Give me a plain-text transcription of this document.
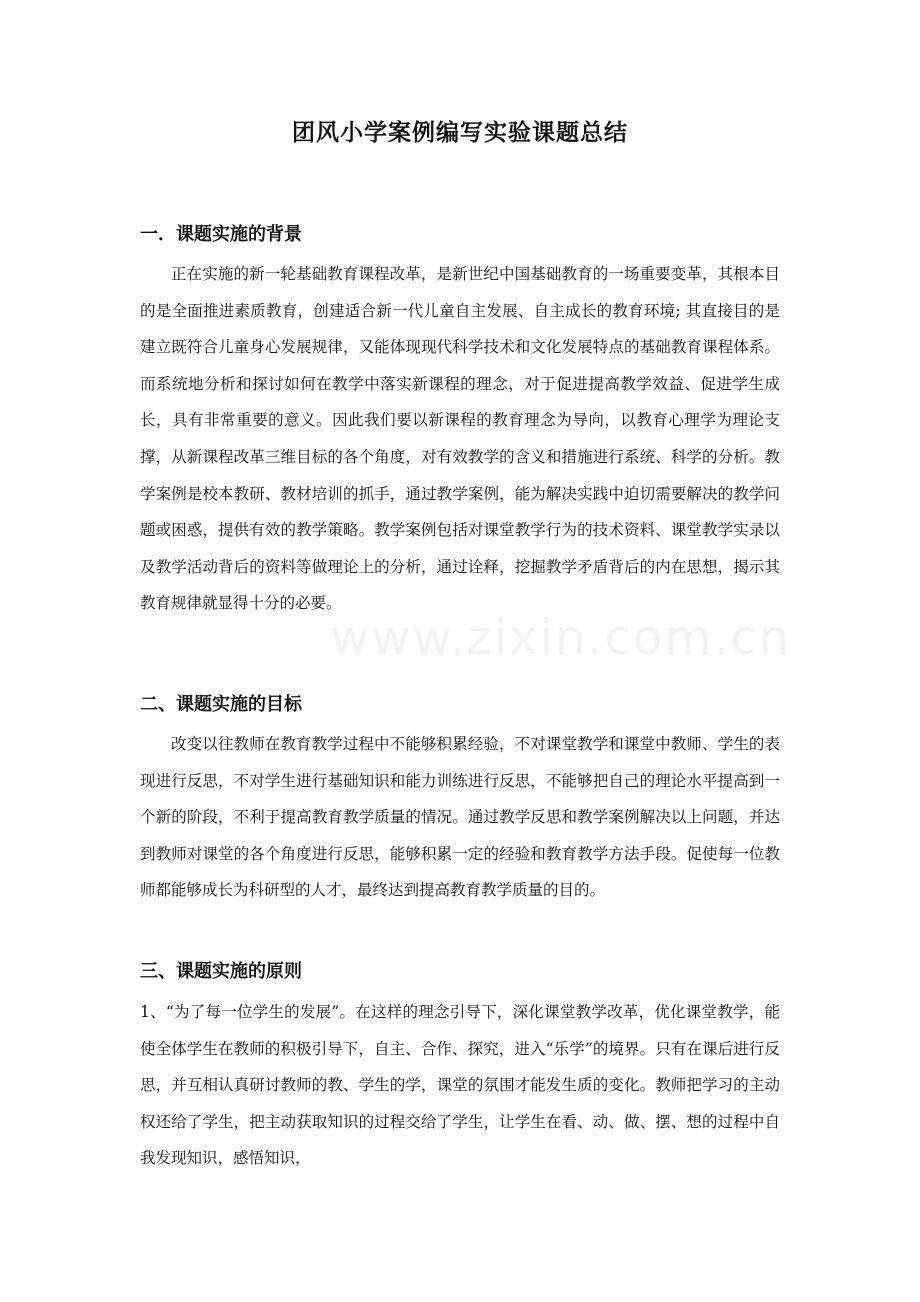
www.zixin.com.cn
团风小学案例编写实验课题总结
一．课题实施的背景
正在实施的新一轮基础教育课程改革，是新世纪中国基础教育的一场重要变革，其根本目的是全面推进素质教育，创建适合新一代儿童自主发展、自主成长的教育环境; 其直接目的是建立既符合儿童身心发展规律，又能体现现代科学技术和文化发展特点的基础教育课程体系。而系统地分析和探讨如何在教学中落实新课程的理念，对于促进提高教学效益、促进学生成长，具有非常重要的意义。因此我们要以新课程的教育理念为导向，以教育心理学为理论支撑，从新课程改革三维目标的各个角度，对有效教学的含义和措施进行系统、科学的分析。教学案例是校本教研、教材培训的抓手，通过教学案例，能为解决实践中迫切需要解决的教学问题或困惑，提供有效的教学策略。教学案例包括对课堂教学行为的技术资料、课堂教学实录以及教学活动背后的资料等做理论上的分析，通过诠释，挖掘教学矛盾背后的内在思想，揭示其教育规律就显得十分的必要。
二、课题实施的目标
改变以往教师在教育教学过程中不能够积累经验，不对课堂教学和课堂中教师、学生的表现进行反思，不对学生进行基础知识和能力训练进行反思，不能够把自己的理论水平提高到一个新的阶段，不利于提高教育教学质量的情况。通过教学反思和教学案例解决以上问题，并达到教师对课堂的各个角度进行反思，能够积累一定的经验和教育教学方法手段。促使每一位教师都能够成长为科研型的人才，最终达到提高教育教学质量的目的。
三、课题实施的原则
1、“为了每一位学生的发展”。在这样的理念引导下，深化课堂教学改革，优化课堂教学，能使全体学生在教师的积极引导下，自主、合作、探究，进入“乐学”的境界。只有在课后进行反思，并互相认真研讨教师的教、学生的学，课堂的氛围才能发生质的变化。教师把学习的主动权还给了学生，把主动获取知识的过程交给了学生，让学生在看、动、做、摆、想的过程中自我发现知识，感悟知识，
